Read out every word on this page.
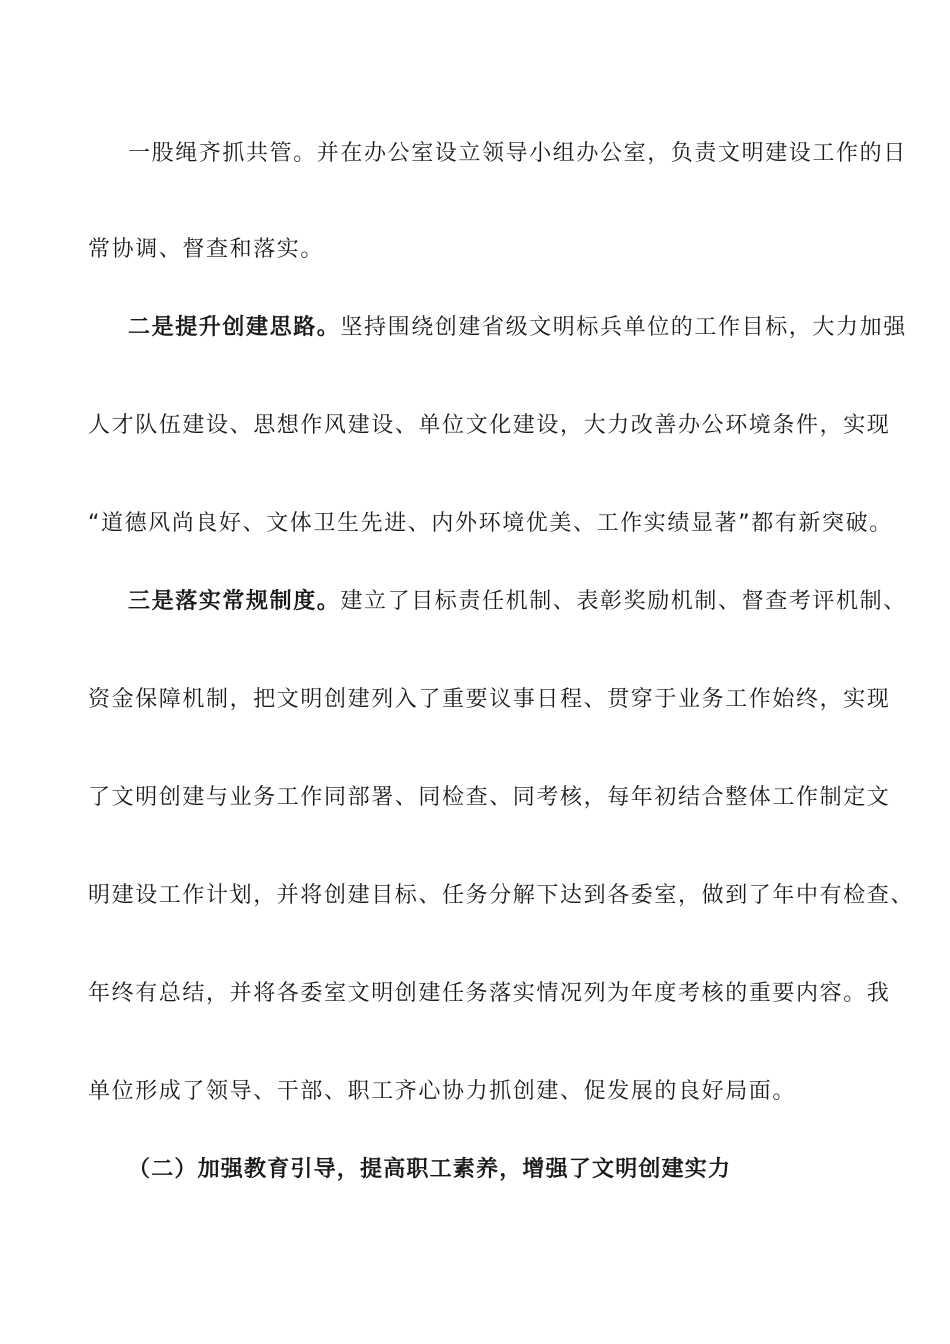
一股绳齐抓共管。并在办公室设立领导小组办公室，负责文明建设工作的日
常协调、督查和落实。
二是提升创建思路。坚持围绕创建省级文明标兵单位的工作目标，大力加强
人才队伍建设、思想作风建设、单位文化建设，大力改善办公环境条件，实现
“道德风尚良好、文体卫生先进、内外环境优美、工作实绩显著”都有新突破。
三是落实常规制度。建立了目标责任机制、表彰奖励机制、督查考评机制、
资金保障机制，把文明创建列入了重要议事日程、贯穿于业务工作始终，实现
了文明创建与业务工作同部署、同检查、同考核，每年初结合整体工作制定文
明建设工作计划，并将创建目标、任务分解下达到各委室，做到了年中有检查、
年终有总结，并将各委室文明创建任务落实情况列为年度考核的重要内容。我
单位形成了领导、干部、职工齐心协力抓创建、促发展的良好局面。
（二）加强教育引导，提高职工素养，增强了文明创建实力
